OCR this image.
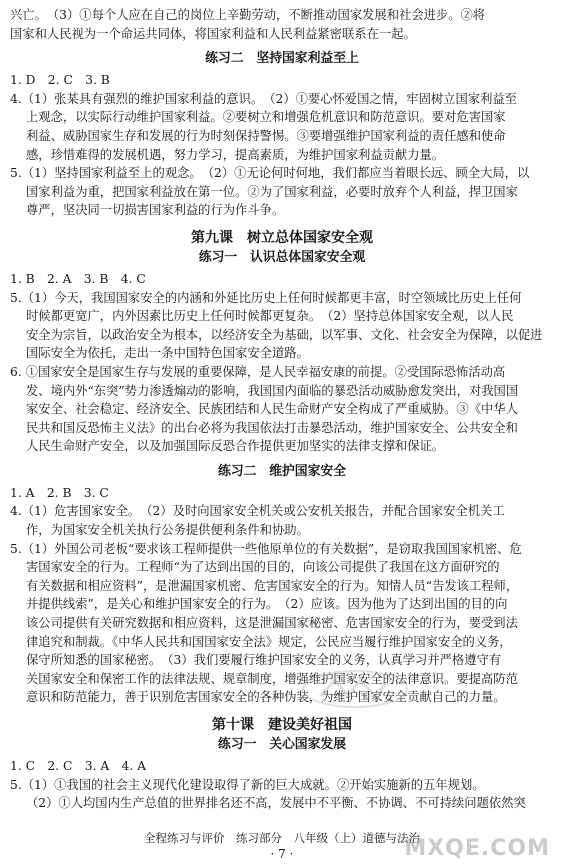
兴亡。　（3）①每个人应在自己的岗位上辛勤劳动，不断推动国家发展和社会进步。②将

国家和人民视为一个命运共同体，将国家利益和人民利益紧密联系在一起。

练习二　坚持国家利益至上

1. D　2. C　3. B

4.（1）张某具有强烈的维护国家利益的意识。　（2）①要心怀爱国之情，牢固树立国家利益至

上观念，以实际行动维护国家利益。②要树立和增强危机意识和防范意识。要对危害国家

利益、威胁国家生存和发展的行为时刻保持警惕。③要增强维护国家利益的责任感和使命

感，珍惜难得的发展机遇，努力学习，提高素质，为维护国家利益贡献力量。

5.（1）坚持国家利益至上的观念。　（2）①无论何时何地，我们都应当着眼长远、顾全大局，以

国家利益为重，把国家利益放在第一位。②为了国家利益，必要时放弃个人利益，捍卫国家

尊严，坚决同一切损害国家利益的行为作斗争。

第九课　树立总体国家安全观
练习一　认识总体国家安全观

1. B　2. A　3. B　4. C

5.（1）今天，我国国家安全的内涵和外延比历史上任何时候都更丰富，时空领域比历史上任何

时候都更宽广，内外因素比历史上任何时候都更复杂。　（2）坚持总体国家安全观，以人民

安全为宗旨，以政治安全为根本，以经济安全为基础，以军事、文化、社会安全为保障，以促进

国际安全为依托，走出一条中国特色国家安全道路。

6. ①国家安全是国家生存与发展的重要保障，是人民幸福安康的前提。②受国际恐怖活动高

发、境内外“东突”势力渗透煽动的影响，我国国内面临的暴恐活动威胁愈发突出，对我国国

家安全、社会稳定、经济安全、民族团结和人民生命财产安全构成了严重威胁。③《中华人

民共和国反恐怖主义法》的出台必将为我国依法打击暴恐活动，维护国家安全、公共安全和

人民生命财产安全，以及加强国际反恐合作提供更加坚实的法律支撑和保证。

练习二　维护国家安全

1. A　2. B　3. C

4.（1）危害国家安全。　（2）及时向国家安全机关或公安机关报告，并配合国家安全机关工

作，为国家安全机关执行公务提供便利条件和协助。

5.（1）外国公司老板“要求该工程师提供一些他原单位的有关数据”，是窃取我国国家机密、危

害国家安全的行为。工程师“为了达到出国的目的，向该公司提供了我国在这方面研究的

有关数据和相应资料”，是泄漏国家机密、危害国家安全的行为。知情人员“告发该工程师，

并提供线索”，是关心和维护国家安全的行为。　（2）应该。因为他为了达到出国的目的向

该公司提供有关研究数据和相应资料，这是泄漏国家秘密、危害国家安全的行为，要受到法

律追究和制裁。《中华人民共和国国家安全法》规定，公民应当履行维护国家安全的义务，

保守所知悉的国家秘密。　（3）我们要履行维护国家安全的义务，认真学习并严格遵守有

关国家安全和保密工作的法律法规、规章制度，增强维护国家安全的法律意识。要提高防范

意识和防范能力，善于识别危害国家安全的各种伪装，为维护国家安全贡献自己的力量。

第十课　建设美好祖国
练习一　关心国家发展

1. C　2. C　3. A　4. A

5.（1）①我国的社会主义现代化建设取得了新的巨大成就。②开始实施新的五年规划。

（2）①人均国内生产总值的世界排名还不高，发展中不平衡、不协调、不可持续问题依然突

全程练习与评价　练习部分　八年级（上）道德与法治
· 7 ·	MXQE.COM
